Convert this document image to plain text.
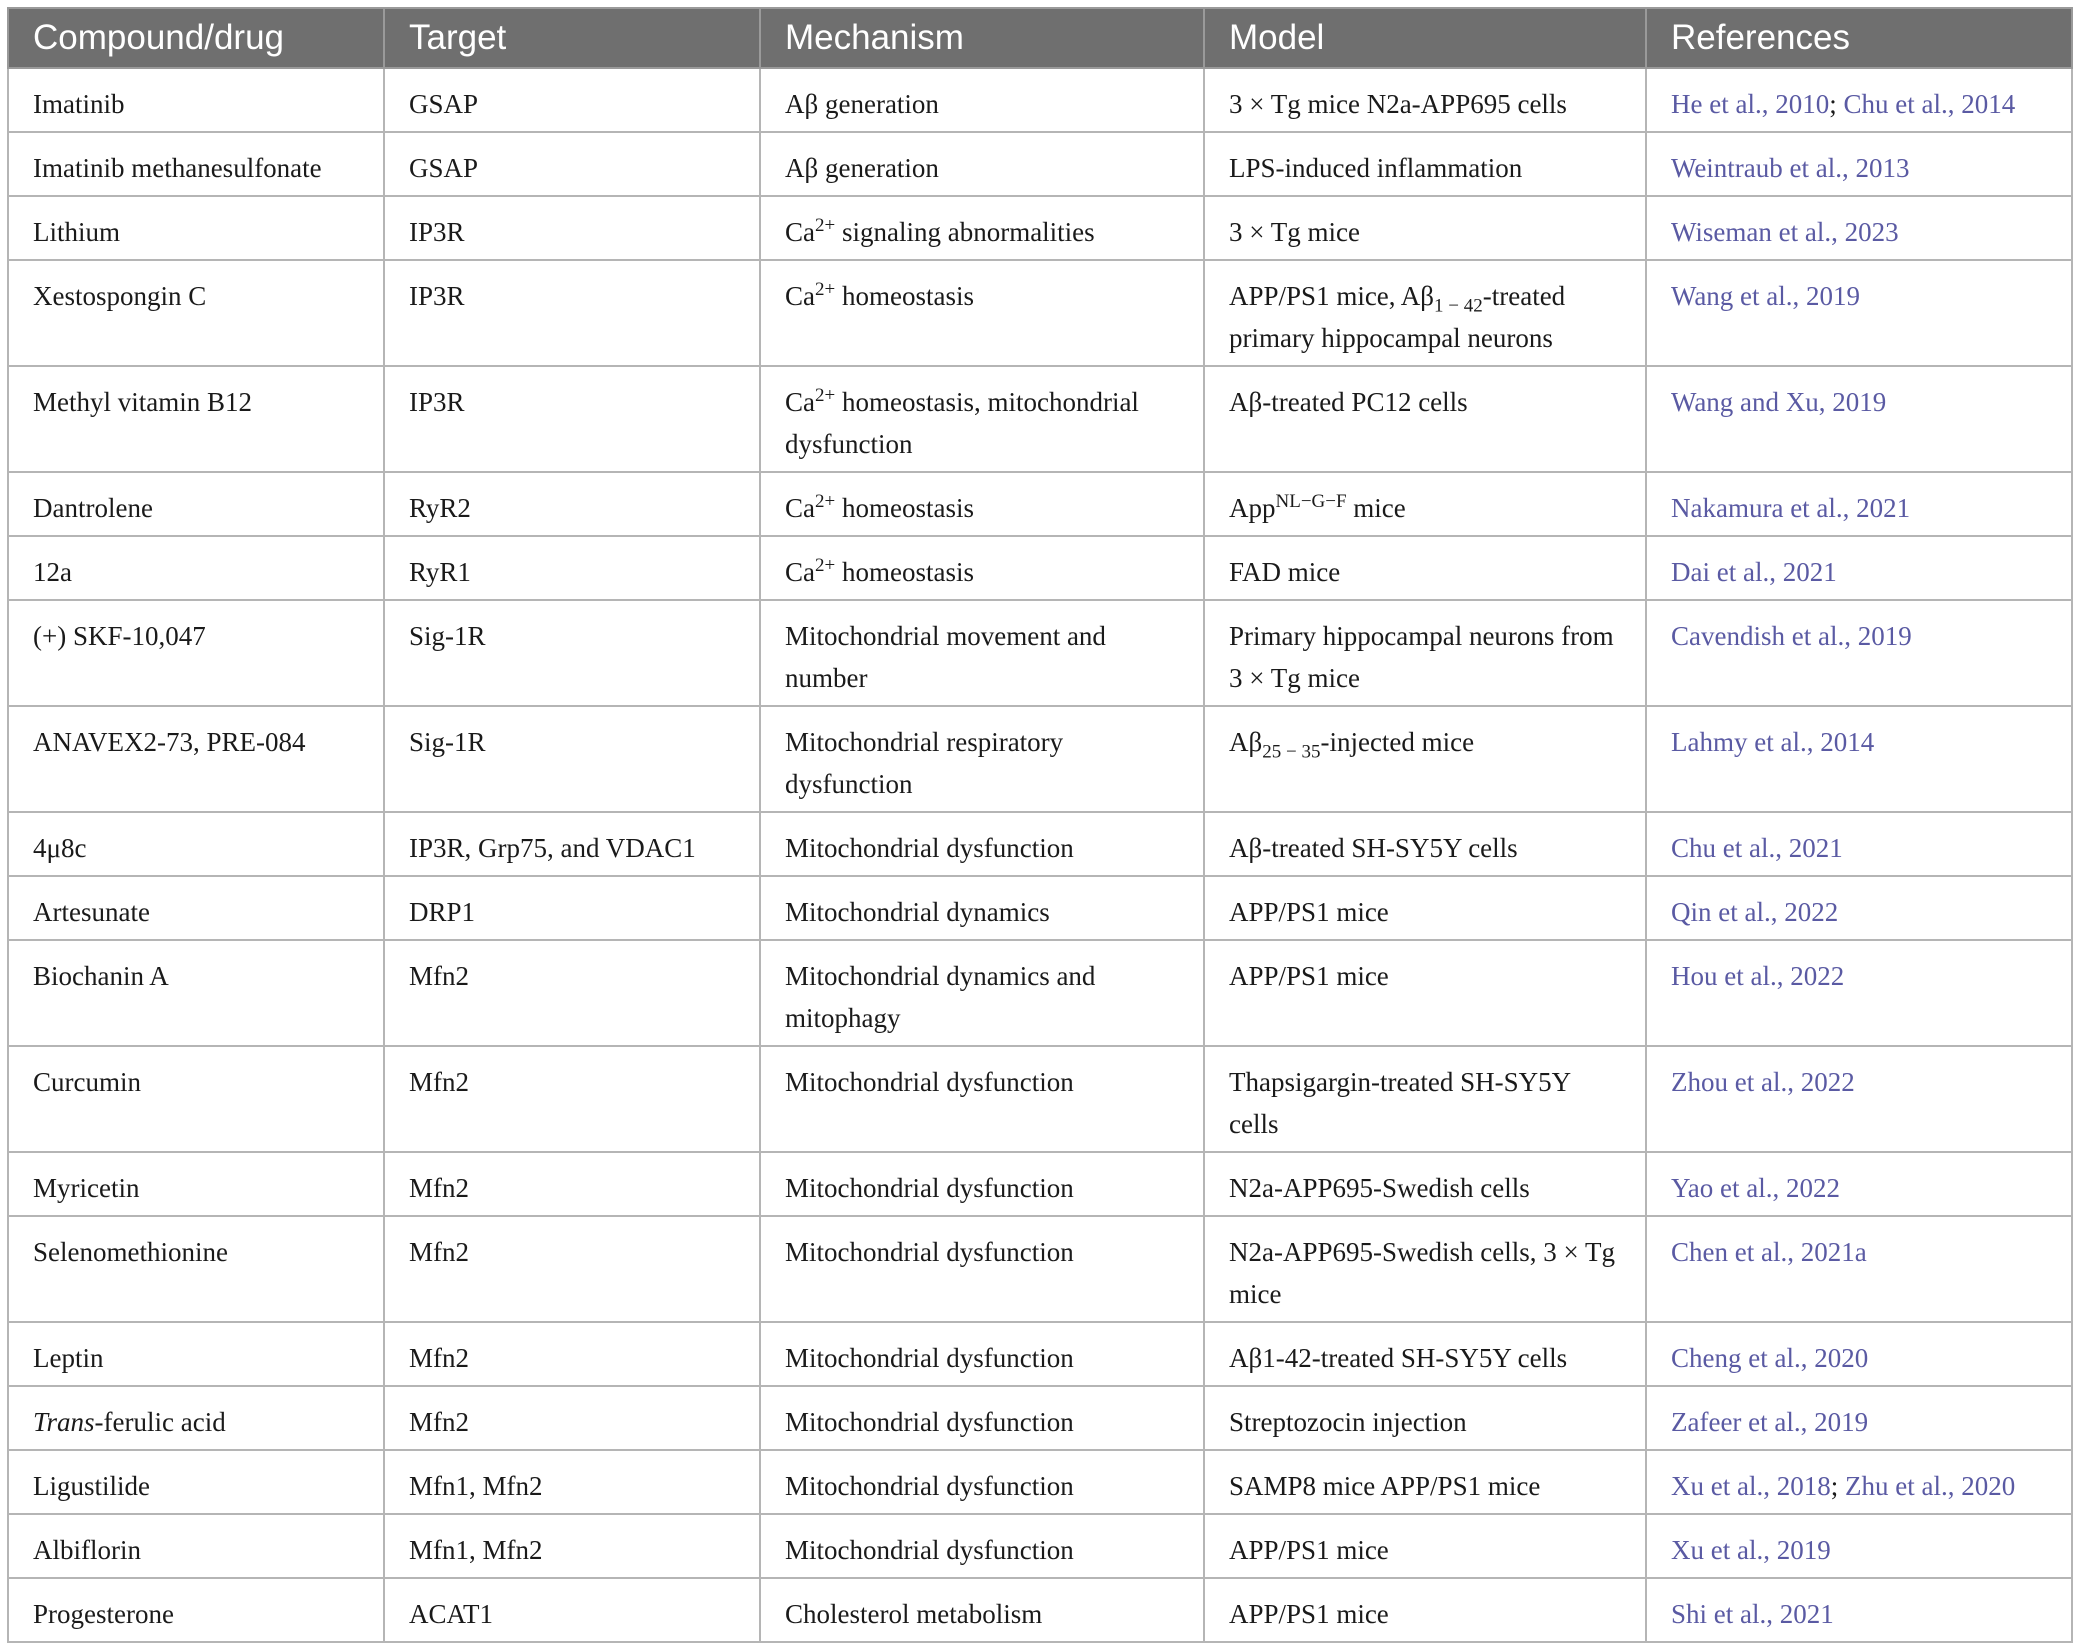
Compound/drug	Target	Mechanism	Model	References
Imatinib	GSAP	Aβ generation	3 × Tg mice N2a-APP695 cells	He et al., 2010; Chu et al., 2014
Imatinib methanesulfonate	GSAP	Aβ generation	LPS-induced inflammation	Weintraub et al., 2013
Lithium	IP3R	$Ca^{2+}$ signaling abnormalities	3 × Tg mice	Wiseman et al., 2023
Xestospongin C	IP3R	$Ca^{2+}$ homeostasis	APP/PS1 mice, $A\beta_{1 - 42}$-treated primary hippocampal neurons	Wang et al., 2019
Methyl vitamin B12	IP3R	$Ca^{2+}$ homeostasis, mitochondrial dysfunction	Aβ-treated PC12 cells	Wang and Xu, 2019
Dantrolene	RyR2	$Ca^{2+}$ homeostasis	App$^{NL-G-F}$ mice	Nakamura et al., 2021
12a	RyR1	$Ca^{2+}$ homeostasis	FAD mice	Dai et al., 2021
(+) SKF-10,047	Sig-1R	Mitochondrial movement and number	Primary hippocampal neurons from 3 × Tg mice	Cavendish et al., 2019
ANAVEX2-73, PRE-084	Sig-1R	Mitochondrial respiratory dysfunction	$A\beta_{25 - 35}$-injected mice	Lahmy et al., 2014
4μ8c	IP3R, Grp75, and VDAC1	Mitochondrial dysfunction	Aβ-treated SH-SY5Y cells	Chu et al., 2021
Artesunate	DRP1	Mitochondrial dynamics	APP/PS1 mice	Qin et al., 2022
Biochanin A	Mfn2	Mitochondrial dynamics and mitophagy	APP/PS1 mice	Hou et al., 2022
Curcumin	Mfn2	Mitochondrial dysfunction	Thapsigargin-treated SH-SY5Y cells	Zhou et al., 2022
Myricetin	Mfn2	Mitochondrial dysfunction	N2a-APP695-Swedish cells	Yao et al., 2022
Selenomethionine	Mfn2	Mitochondrial dysfunction	N2a-APP695-Swedish cells, 3 × Tg mice	Chen et al., 2021a
Leptin	Mfn2	Mitochondrial dysfunction	Aβ1-42-treated SH-SY5Y cells	Cheng et al., 2020
Trans-ferulic acid	Mfn2	Mitochondrial dysfunction	Streptozocin injection	Zafeer et al., 2019
Ligustilide	Mfn1, Mfn2	Mitochondrial dysfunction	SAMP8 mice APP/PS1 mice	Xu et al., 2018; Zhu et al., 2020
Albiflorin	Mfn1, Mfn2	Mitochondrial dysfunction	APP/PS1 mice	Xu et al., 2019
Progesterone	ACAT1	Cholesterol metabolism	APP/PS1 mice	Shi et al., 2021
